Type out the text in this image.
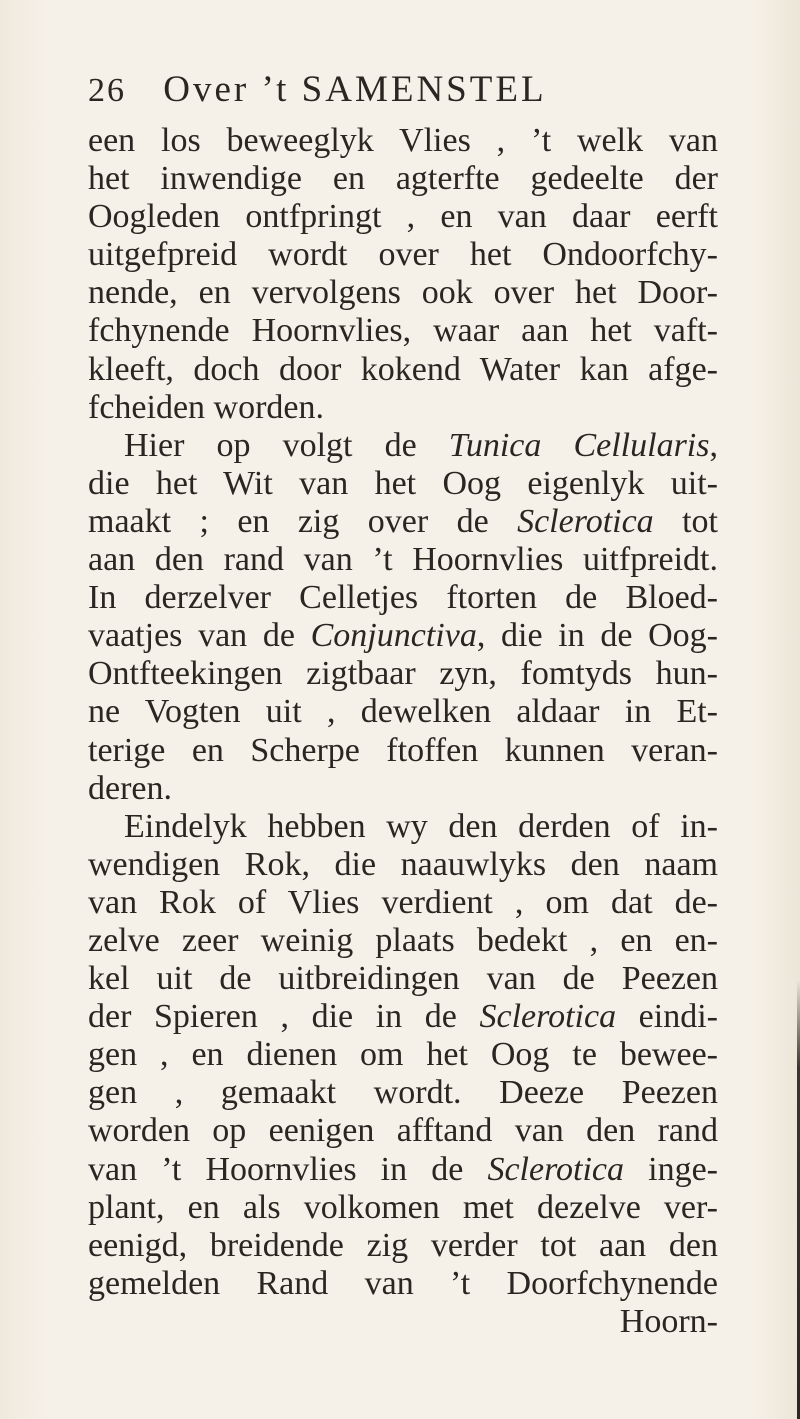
26 Over ’t SAMENSTEL
een los beweeglyk Vlies , ’t welk van
het inwendige en agterfte gedeelte der
Oogleden ontfpringt , en van daar eerft
uitgefpreid wordt over het Ondoorfchy-
nende, en vervolgens ook over het Door-
fchynende Hoornvlies, waar aan het vaft-
kleeft, doch door kokend Water kan afge-
fcheiden worden.
Hier op volgt de Tunica Cellularis,
die het Wit van het Oog eigenlyk uit-
maakt ; en zig over de Sclerotica tot
aan den rand van ’t Hoornvlies uitfpreidt.
In derzelver Celletjes ftorten de Bloed-
vaatjes van de Conjunctiva, die in de Oog-
Ontfteekingen zigtbaar zyn, fomtyds hun-
ne Vogten uit , dewelken aldaar in Et-
terige en Scherpe ftoffen kunnen veran-
deren.
Eindelyk hebben wy den derden of in-
wendigen Rok, die naauwlyks den naam
van Rok of Vlies verdient , om dat de-
zelve zeer weinig plaats bedekt , en en-
kel uit de uitbreidingen van de Peezen
der Spieren , die in de Sclerotica eindi-
gen , en dienen om het Oog te bewee-
gen , gemaakt wordt. Deeze Peezen
worden op eenigen afftand van den rand
van ’t Hoornvlies in de Sclerotica inge-
plant, en als volkomen met dezelve ver-
eenigd, breidende zig verder tot aan den
gemelden Rand van ’t Doorfchynende
Hoorn-
